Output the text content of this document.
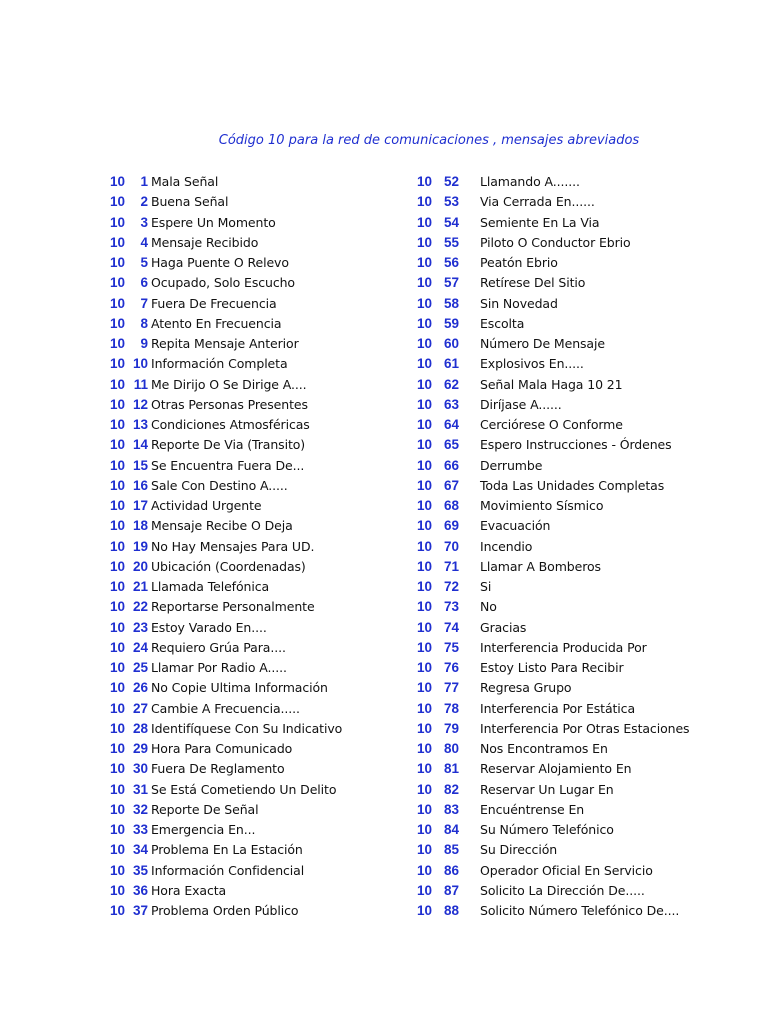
Código 10 para la red de comunicaciones , mensajes abreviados
10	1 Mala Señal
10	2 Buena Señal
10	3 Espere Un Momento
10	4 Mensaje Recibido
10	5 Haga Puente O Relevo
10	6 Ocupado, Solo Escucho
10	7 Fuera De Frecuencia
10	8 Atento En Frecuencia
10	9 Repita Mensaje Anterior
10 10 Información Completa
10 11 Me Dirijo O Se Dirige A....
10 12 Otras Personas Presentes
10 13 Condiciones Atmosféricas
10 14 Reporte De Via (Transito)
10 15 Se Encuentra Fuera De...
10 16 Sale Con Destino A.....
10 17 Actividad Urgente
10 18 Mensaje Recibe O Deja
10 19 No Hay Mensajes Para UD.
10 20 Ubicación (Coordenadas)
10 21 Llamada Telefónica
10 22 Reportarse Personalmente
10 23 Estoy Varado En....
10 24 Requiero Grúa Para....
10 25 Llamar Por Radio A.....
10 26 No Copie Ultima Información
10 27 Cambie A Frecuencia.....
10 28 Identifíquese Con Su Indicativo
10 29 Hora Para Comunicado
10 30 Fuera De Reglamento
10 31 Se Está Cometiendo Un Delito
10 32 Reporte De Señal
10 33 Emergencia En...
10 34 Problema En La Estación
10 35 Información Confidencial
10 36 Hora Exacta
10 37 Problema Orden Público
10 52 Llamando A.......
10 53 Via Cerrada En......
10 54 Semiente En La Via
10 55 Piloto O Conductor Ebrio
10 56 Peatón Ebrio
10 57 Retírese Del Sitio
10 58 Sin Novedad
10 59 Escolta
10 60 Número De Mensaje
10 61 Explosivos En.....
10 62 Señal Mala Haga 10 21
10 63 Diríjase A......
10 64 Cerciórese O Conforme
10 65 Espero Instrucciones - Órdenes
10 66 Derrumbe
10 67 Toda Las Unidades Completas
10 68 Movimiento Sísmico
10 69 Evacuación
10 70 Incendio
10 71 Llamar A Bomberos
10 72 Si
10 73 No
10 74 Gracias
10 75 Interferencia Producida Por
10 76 Estoy Listo Para Recibir
10 77 Regresa Grupo
10 78 Interferencia Por Estática
10 79 Interferencia Por Otras Estaciones
10 80 Nos Encontramos En
10 81 Reservar Alojamiento En
10 82 Reservar Un Lugar En
10 83 Encuéntrense En
10 84 Su Número Telefónico
10 85 Su Dirección
10 86 Operador Oficial En Servicio
10 87 Solicito La Dirección De.....
10 88 Solicito Número Telefónico De....
